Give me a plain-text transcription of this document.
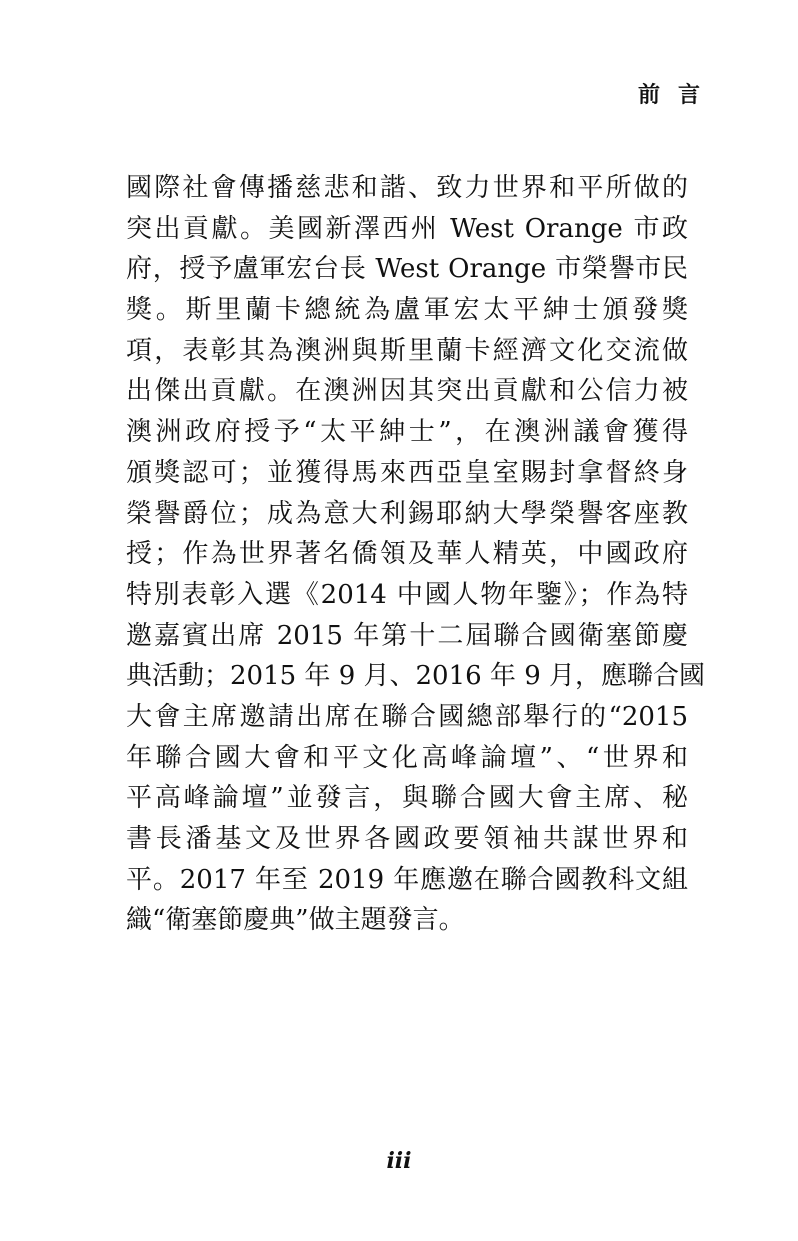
前言
國際社會傳播慈悲和諧、致力世界和平所做的
突出貢獻。美國新澤西州 West Orange 市政
府，授予盧軍宏台長 West Orange 市榮譽市民
獎。斯里蘭卡總統為盧軍宏太平紳士頒發獎
項，表彰其為澳洲與斯里蘭卡經濟文化交流做
出傑出貢獻。在澳洲因其突出貢獻和公信力被
澳洲政府授予“太平紳士”，在澳洲議會獲得
頒獎認可；並獲得馬來西亞皇室賜封拿督終身
榮譽爵位；成為意大利錫耶納大學榮譽客座教
授；作為世界著名僑領及華人精英，中國政府
特別表彰入選《2014 中國人物年鑒》；作為特
邀嘉賓出席 2015 年第十二屆聯合國衛塞節慶
典活動；2015 年 9 月、2016 年 9 月，應聯合國
大會主席邀請出席在聯合國總部舉行的“2015
年聯合國大會和平文化高峰論壇”、“世界和
平高峰論壇”並發言，與聯合國大會主席、秘
書長潘基文及世界各國政要領袖共謀世界和
平。2017 年至 2019 年應邀在聯合國教科文組
織“衛塞節慶典”做主題發言。
iii
